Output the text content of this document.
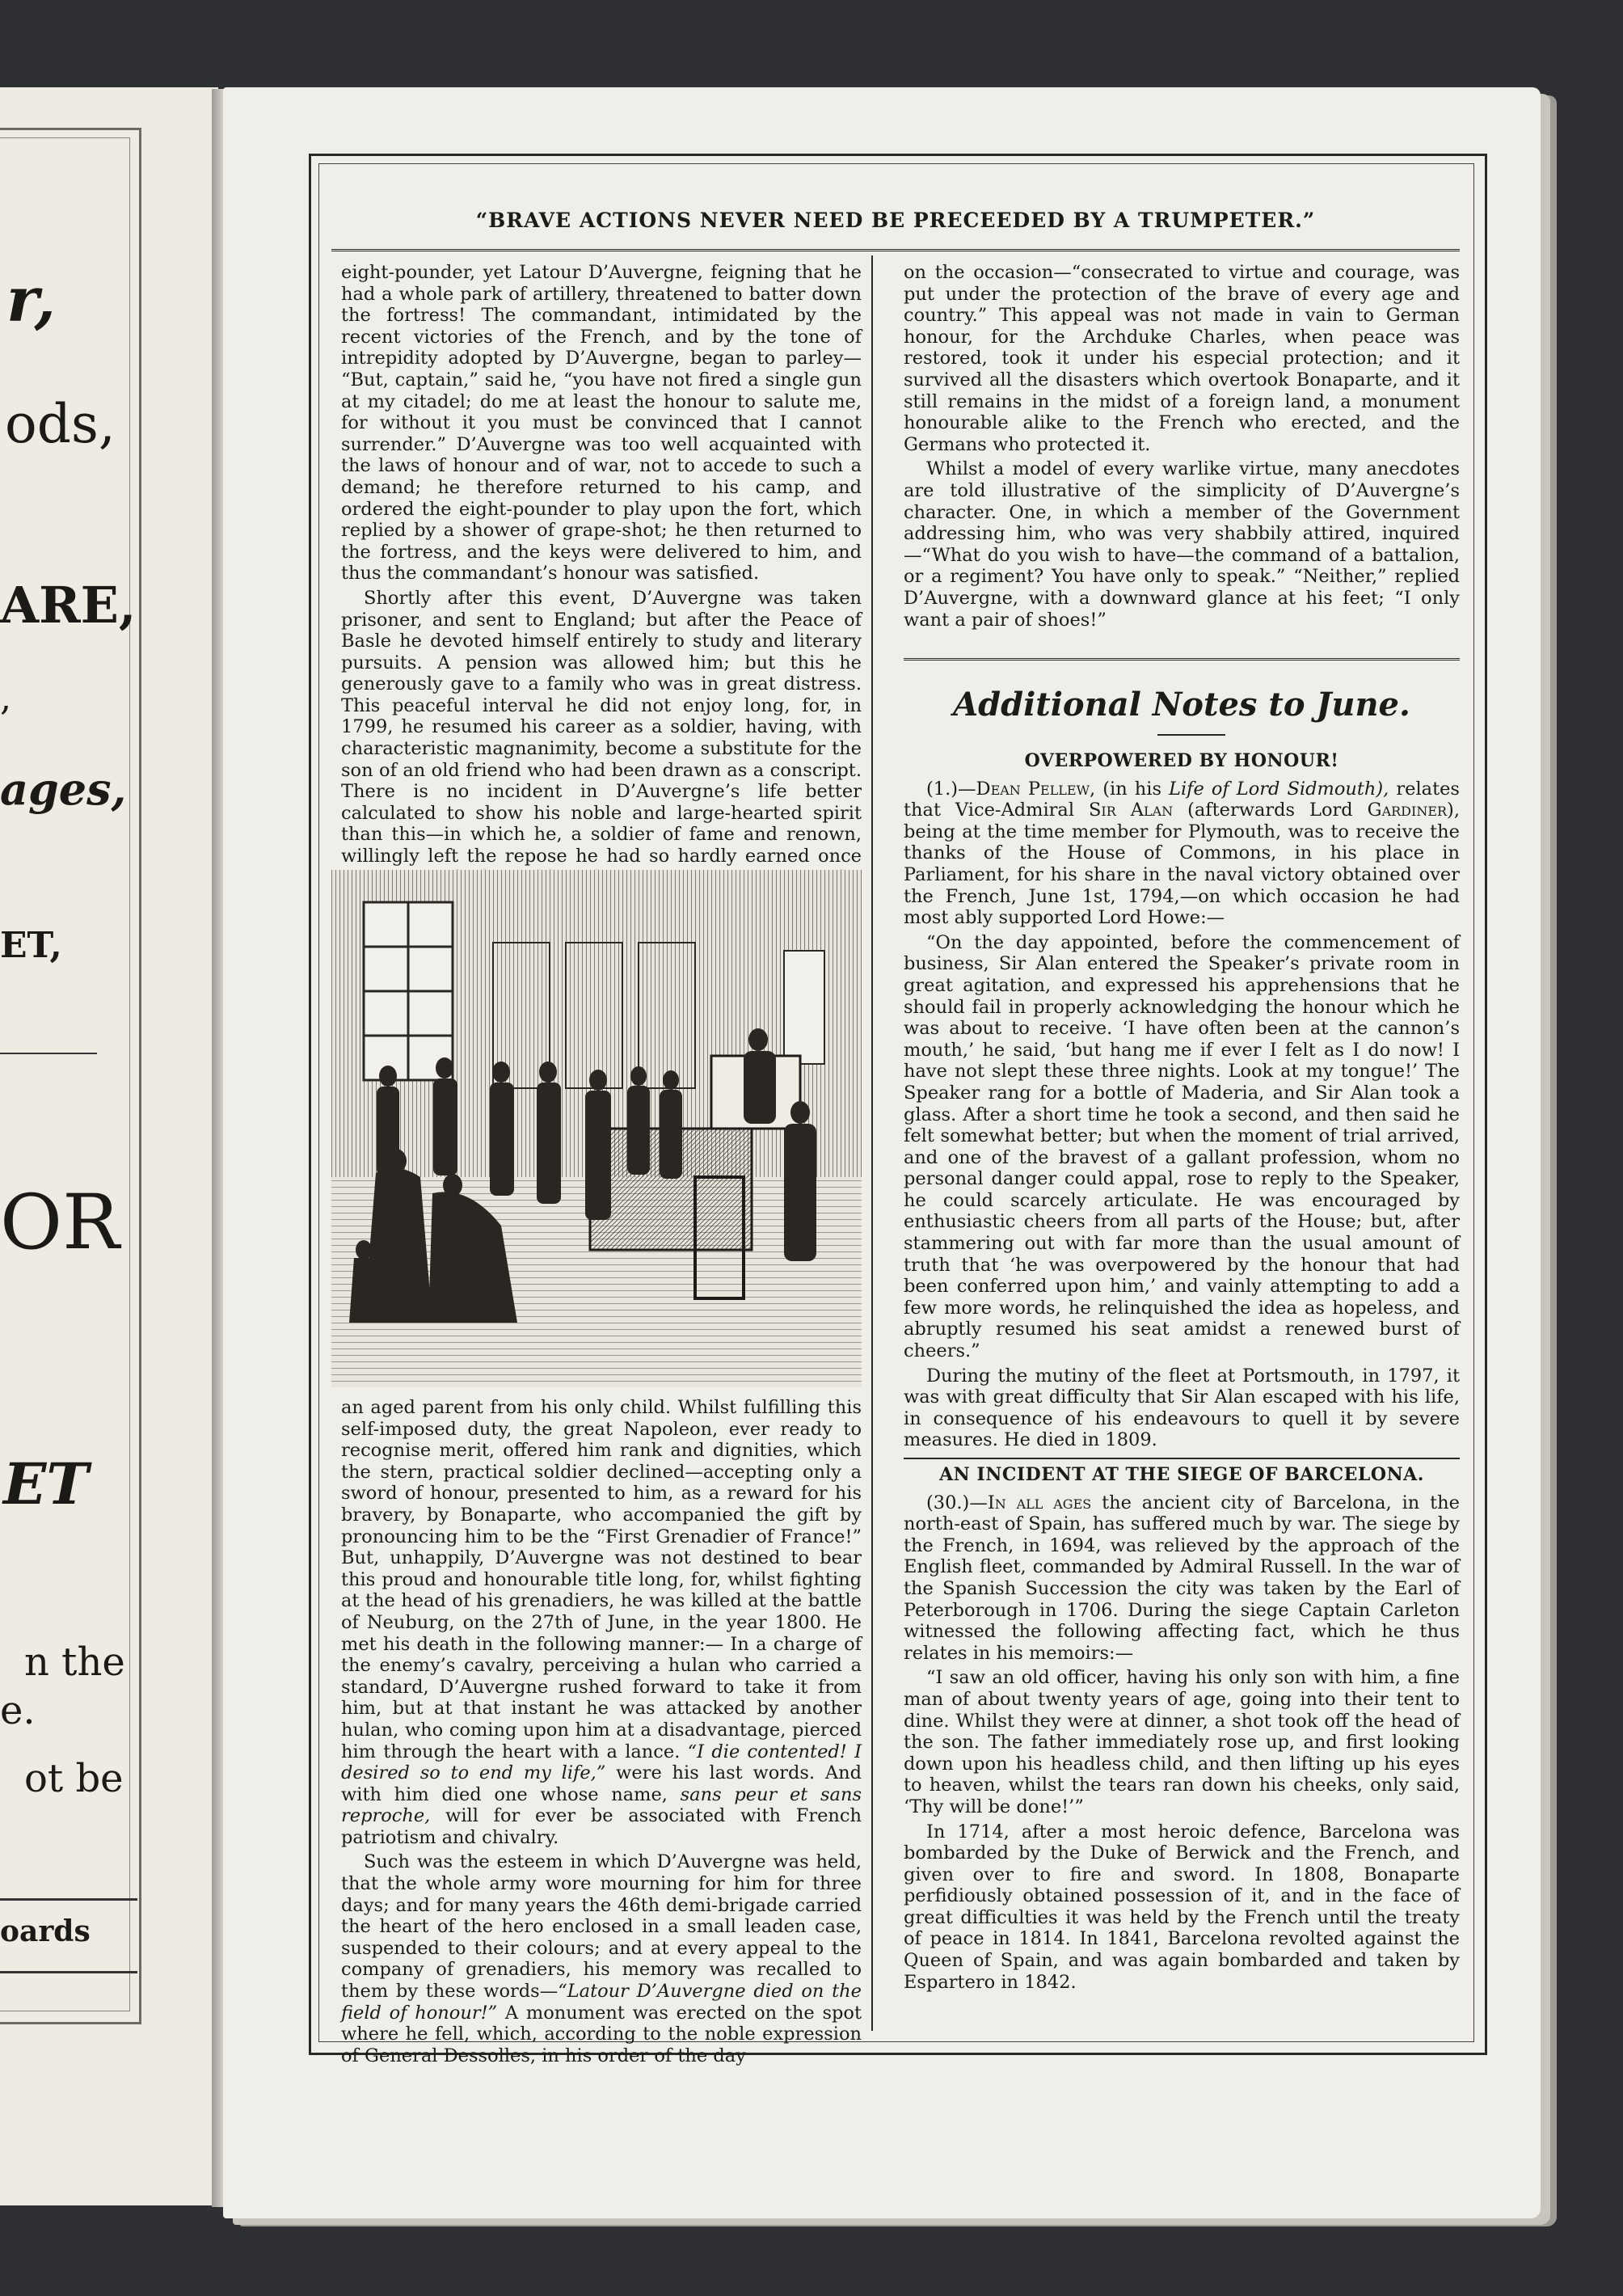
r,
ods,
ARE,
,
ages,
ET,
OR
ET
n the
e.
ot be
oards
“BRAVE ACTIONS NEVER NEED BE PRECEEDED BY A TRUMPETER.”

eight-pounder, yet Latour D’Auvergne, feigning that he had a whole park of artillery, threatened to batter down the fortress! The commandant, intimidated by the recent victories of the French, and by the tone of intrepidity adopted by D’Auvergne, began to parley— “But, captain,” said he, “you have not fired a single gun at my citadel; do me at least the honour to salute me, for without it you must be convinced that I cannot surrender.” D’Auvergne was too well acquainted with the laws of honour and of war, not to accede to such a demand; he therefore returned to his camp, and ordered the eight-pounder to play upon the fort, which replied by a shower of grape-shot; he then returned to the fortress, and the keys were delivered to him, and thus the commandant’s honour was satisfied.

Shortly after this event, D’Auvergne was taken prisoner, and sent to England; but after the Peace of Basle he devoted himself entirely to study and literary pursuits. A pension was allowed him; but this he generously gave to a family who was in great distress. This peaceful interval he did not enjoy long, for, in 1799, he resumed his career as a soldier, having, with characteristic magnanimity, become a substitute for the son of an old friend who had been drawn as a conscript. There is no incident in D’Auvergne’s life better calculated to show his noble and large-hearted spirit than this—in which he, a soldier of fame and renown, willingly left the repose he had so hardly earned once

an aged parent from his only child. Whilst fulfilling this self-imposed duty, the great Napoleon, ever ready to recognise merit, offered him rank and dignities, which the stern, practical soldier declined—accepting only a sword of honour, presented to him, as a reward for his bravery, by Bonaparte, who accompanied the gift by pronouncing him to be the “First Grenadier of France!” But, unhappily, D’Auvergne was not destined to bear this proud and honourable title long, for, whilst fighting at the head of his grenadiers, he was killed at the battle of Neuburg, on the 27th of June, in the year 1800. He met his death in the following manner:— In a charge of the enemy’s cavalry, perceiving a hulan who carried a standard, D’Auvergne rushed forward to take it from him, but at that instant he was attacked by another hulan, who coming upon him at a disadvantage, pierced him through the heart with a lance. “I die contented! I desired so to end my life,” were his last words. And with him died one whose name, sans peur et sans reproche, will for ever be associated with French patriotism and chivalry.

Such was the esteem in which D’Auvergne was held, that the whole army wore mourning for him for three days; and for many years the 46th demi-brigade carried the heart of the hero enclosed in a small leaden case, suspended to their colours; and at every appeal to the company of grenadiers, his memory was recalled to them by these words—“Latour D’Auvergne died on the field of honour!” A monument was erected on the spot where he fell, which, according to the noble expression of General Dessolles, in his order of the day

on the occasion—“consecrated to virtue and courage, was put under the protection of the brave of every age and country.” This appeal was not made in vain to German honour, for the Archduke Charles, when peace was restored, took it under his especial protection; and it survived all the disasters which overtook Bonaparte, and it still remains in the midst of a foreign land, a monument honourable alike to the French who erected, and the Germans who protected it.

Whilst a model of every warlike virtue, many anecdotes are told illustrative of the simplicity of D’Auvergne’s character. One, in which a member of the Government addressing him, who was very shabbily attired, inquired—“What do you wish to have—the command of a battalion, or a regiment? You have only to speak.” “Neither,” replied D’Auvergne, with a downward glance at his feet; “I only want a pair of shoes!”

Additional Notes to June.

OVERPOWERED BY HONOUR!

(1.)—Dean Pellew, (in his Life of Lord Sidmouth), relates that Vice-Admiral Sir Alan (afterwards Lord Gardiner), being at the time member for Plymouth, was to receive the thanks of the House of Commons, in his place in Parliament, for his share in the naval victory obtained over the French, June 1st, 1794,—on which occasion he had most ably supported Lord Howe:—

“On the day appointed, before the commencement of business, Sir Alan entered the Speaker’s private room in great agitation, and expressed his apprehensions that he should fail in properly acknowledging the honour which he was about to receive. ‘I have often been at the cannon’s mouth,’ he said, ‘but hang me if ever I felt as I do now! I have not slept these three nights. Look at my tongue!’ The Speaker rang for a bottle of Maderia, and Sir Alan took a glass. After a short time he took a second, and then said he felt somewhat better; but when the moment of trial arrived, and one of the bravest of a gallant profession, whom no personal danger could appal, rose to reply to the Speaker, he could scarcely articulate. He was encouraged by enthusiastic cheers from all parts of the House; but, after stammering out with far more than the usual amount of truth that ‘he was overpowered by the honour that had been conferred upon him,’ and vainly attempting to add a few more words, he relinquished the idea as hopeless, and abruptly resumed his seat amidst a renewed burst of cheers.”

During the mutiny of the fleet at Portsmouth, in 1797, it was with great difficulty that Sir Alan escaped with his life, in consequence of his endeavours to quell it by severe measures. He died in 1809.

AN INCIDENT AT THE SIEGE OF BARCELONA.

(30.)—In all ages the ancient city of Barcelona, in the north-east of Spain, has suffered much by war. The siege by the French, in 1694, was relieved by the approach of the English fleet, commanded by Admiral Russell. In the war of the Spanish Succession the city was taken by the Earl of Peterborough in 1706. During the siege Captain Carleton witnessed the following affecting fact, which he thus relates in his memoirs:—

“I saw an old officer, having his only son with him, a fine man of about twenty years of age, going into their tent to dine. Whilst they were at dinner, a shot took off the head of the son. The father immediately rose up, and first looking down upon his headless child, and then lifting up his eyes to heaven, whilst the tears ran down his cheeks, only said, ‘Thy will be done!’”

In 1714, after a most heroic defence, Barcelona was bombarded by the Duke of Berwick and the French, and given over to fire and sword. In 1808, Bonaparte perfidiously obtained possession of it, and in the face of great difficulties it was held by the French until the treaty of peace in 1814. In 1841, Barcelona revolted against the Queen of Spain, and was again bombarded and taken by Espartero in 1842.
